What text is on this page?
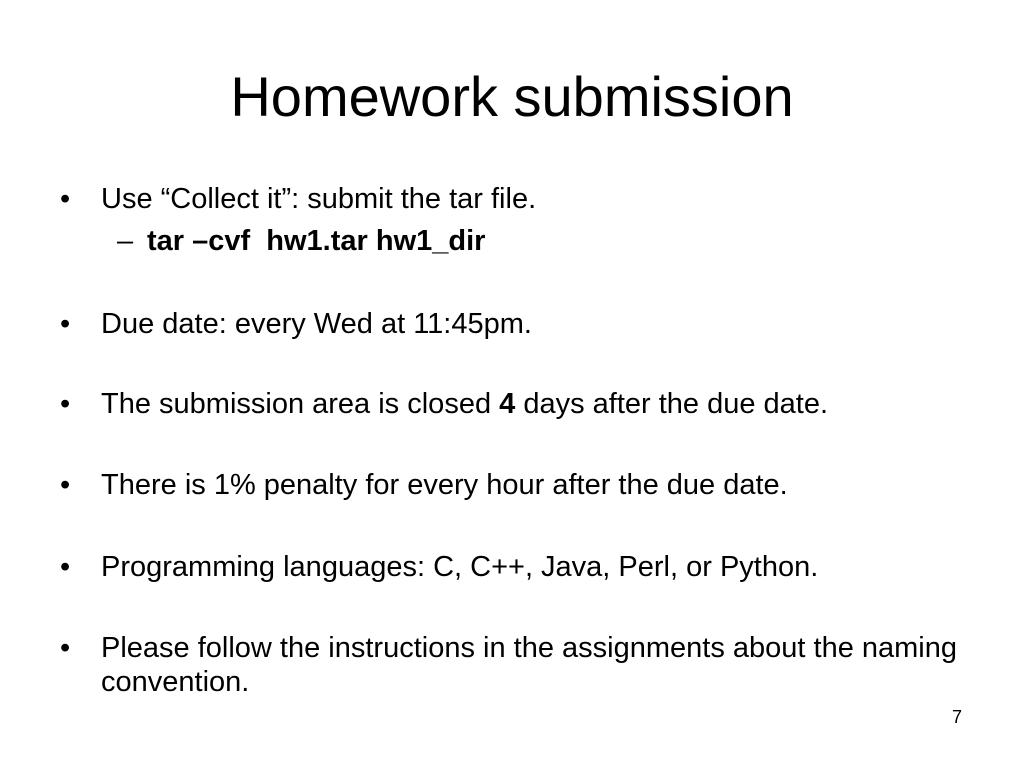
Homework submission
•	Use “Collect it”: submit the tar file.
– tar –cvf  hw1.tar hw1_dir
•	Due date: every Wed at 11:45pm.
•	The submission area is closed 4 days after the due date.
•	There is 1% penalty for every hour after the due date.
•	Programming languages: C, C++, Java, Perl, or Python.
•	Please follow the instructions in the assignments about the naming convention.
7
